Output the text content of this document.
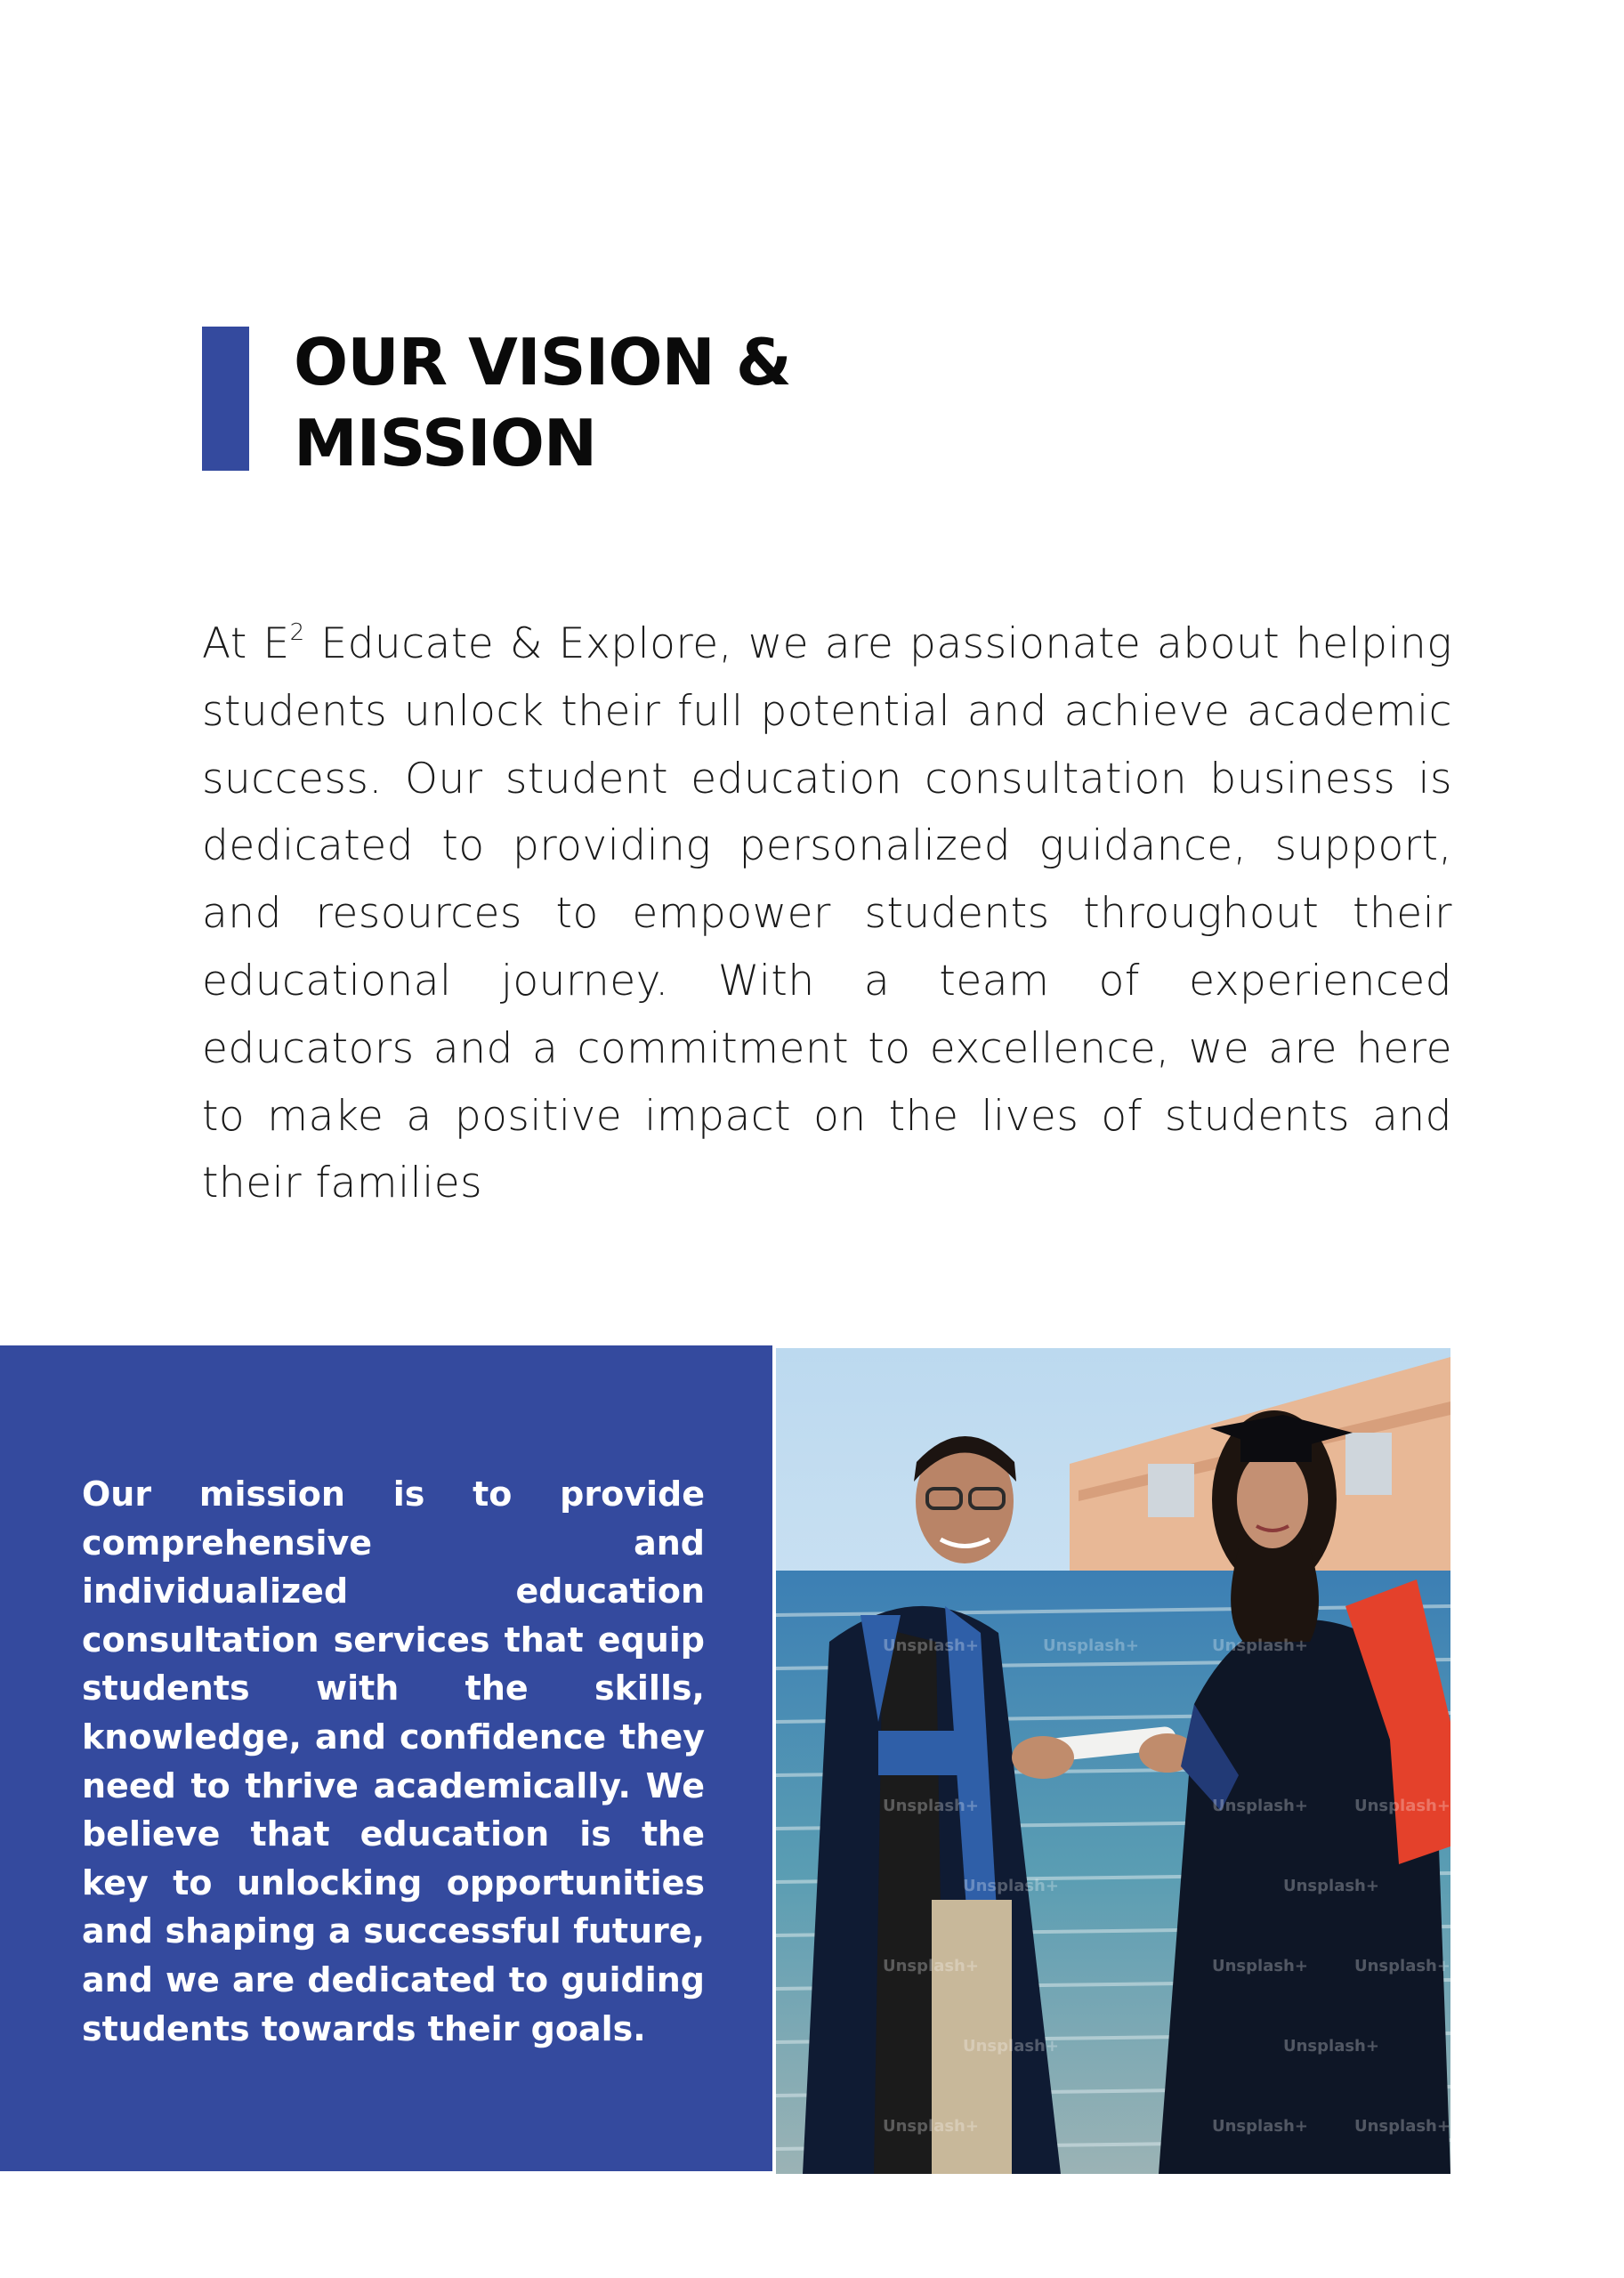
OUR VISION &
MISSION

At $E^2$ Educate & Explore, we are passionate about helping students unlock their full potential and achieve academic success. Our student education consultation business is dedicated to providing personalized guidance, support, and resources to empower students throughout their educational journey. With a team of experienced educators and a commitment to excellence, we are here to make a positive impact on the lives of students and their families

Our mission is to provide comprehensive and individualized education consultation services that equip students with the skills, knowledge, and confidence they need to thrive academically. We believe that education is the key to unlocking opportunities and shaping a successful future, and we are dedicated to guiding students towards their goals.

Unsplash+	Unsplash+	Unsplash+
Unsplash+	Unsplash+	Unsplash+
Unsplash+	Unsplash+
Unsplash+	Unsplash+	Unsplash+
Unsplash+	Unsplash+
Unsplash+	Unsplash+	Unsplash+
